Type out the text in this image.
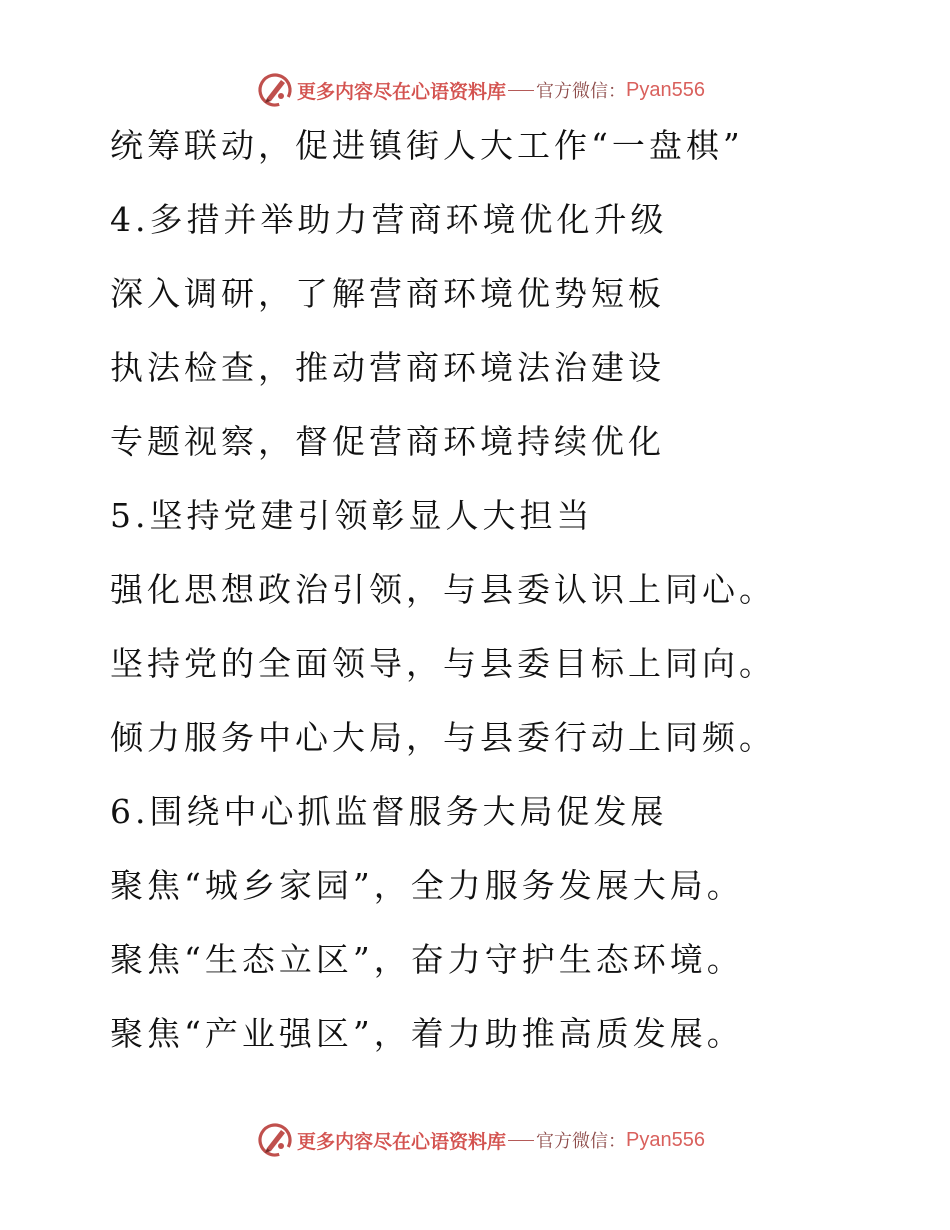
更多内容尽在心语资料库 官方微信： Pyan556
统筹联动，促进镇街人大工作“一盘棋”
4.多措并举助力营商环境优化升级
深入调研，了解营商环境优势短板
执法检查，推动营商环境法治建设
专题视察，督促营商环境持续优化
5.坚持党建引领彰显人大担当
强化思想政治引领，与县委认识上同心。
坚持党的全面领导，与县委目标上同向。
倾力服务中心大局，与县委行动上同频。
6.围绕中心抓监督服务大局促发展
聚焦“城乡家园”，全力服务发展大局。
聚焦“生态立区”，奋力守护生态环境。
聚焦“产业强区”，着力助推高质发展。
更多内容尽在心语资料库 官方微信： Pyan556
